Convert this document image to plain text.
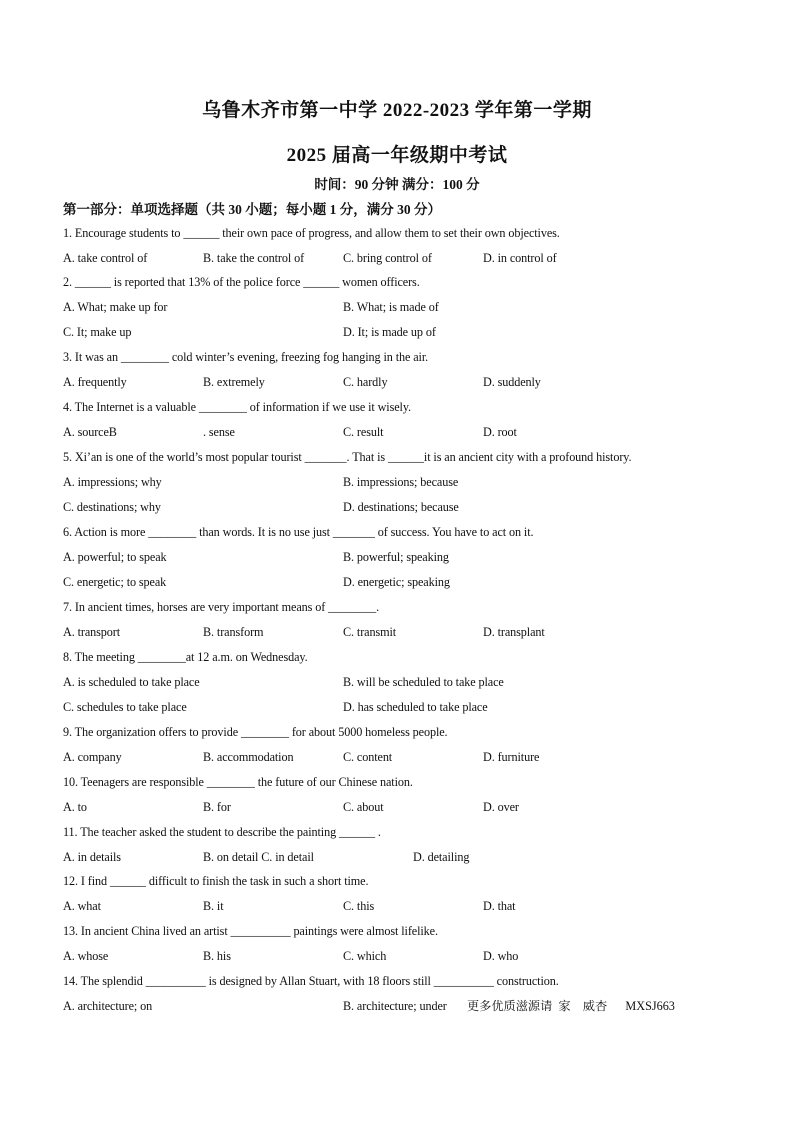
乌鲁木齐市第一中学 2022-2023 学年第一学期
2025 届高一年级期中考试
时间：90 分钟 满分：100 分
第一部分：单项选择题（共 30 小题；每小题 1 分，满分 30 分）
1. Encourage students to ______ their own pace of progress, and allow them to set their own objectives.
A. take control of	B. take the control of	C. bring control of	D. in control of
2. ______ is reported that 13% of the police force ______ women officers.
A. What; make up for	B. What; is made of
C. It; make up	D. It; is made up of
3. It was an ________ cold winter’s evening, freezing fog hanging in the air.
A. frequently	B. extremely	C. hardly	D. suddenly
4. The Internet is a valuable ________ of information if we use it wisely.
A. sourceB	. sense	C. result	D. root
5. Xi’an is one of the world’s most popular tourist _______. That is ______it is an ancient city with a profound history.
A. impressions; why	B. impressions; because
C. destinations; why	D. destinations; because
6. Action is more ________ than words. It is no use just _______ of success. You have to act on it.
A. powerful; to speak	B. powerful; speaking
C. energetic; to speak	D. energetic; speaking
7. In ancient times, horses are very important means of ________.
A. transport	B. transform	C. transmit	D. transplant
8. The meeting ________at 12 a.m. on Wednesday.
A. is scheduled to take place	B. will be scheduled to take place
C. schedules to take place	D. has scheduled to take place
9. The organization offers to provide ________ for about 5000 homeless people.
A. company	B. accommodation	C. content	D. furniture
10. Teenagers are responsible ________ the future of our Chinese nation.
A. to	B. for	C. about	D. over
11. The teacher asked the student to describe the painting ______ .
A. in details	B. on detail C. in detail	D. detailing
12. I find ______ difficult to finish the task in such a short time.
A. what	B. it	C. this	D. that
13. In ancient China lived an artist __________ paintings were almost lifelike.
A. whose	B. his	C. which	D. who
14. The splendid __________ is designed by Allan Stuart, with 18 floors still __________ construction.
A. architecture; on	B. architecture; under 更多优质滋源请  家    威杏      MXSJ663
